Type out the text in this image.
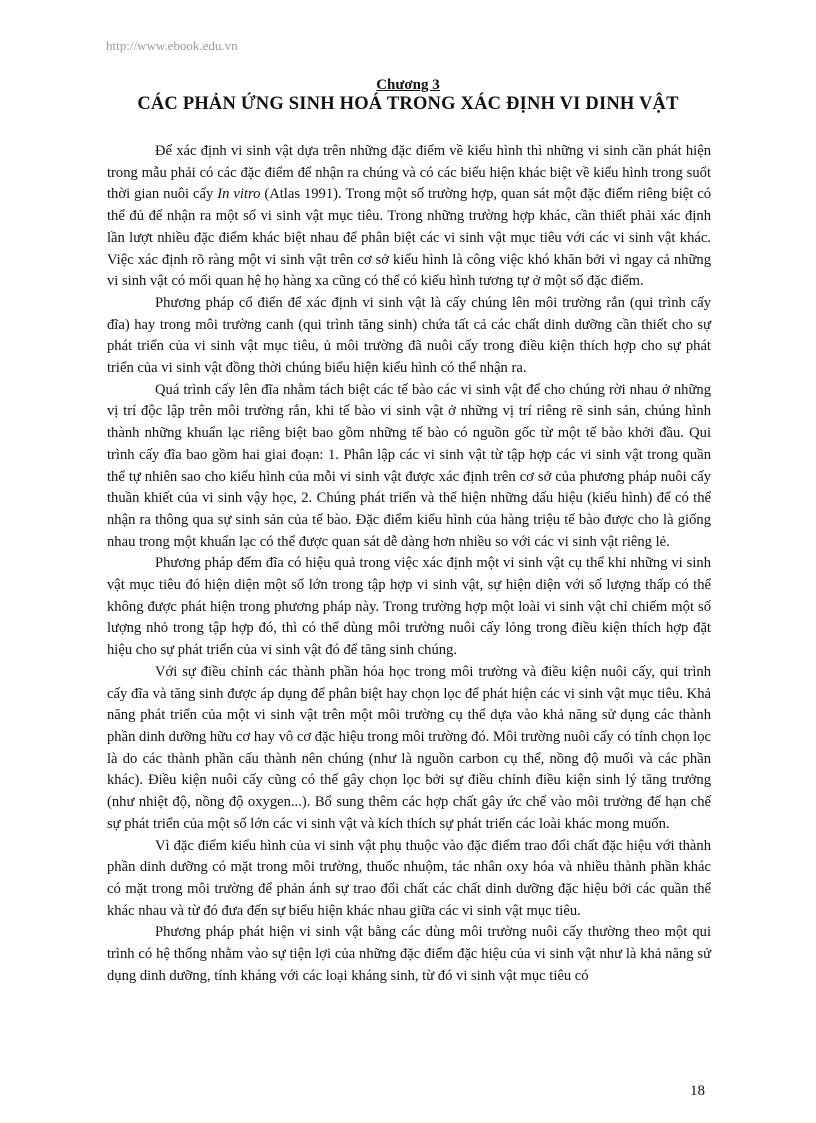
http://www.ebook.edu.vn
Chương 3
CÁC PHẢN ỨNG SINH HOÁ TRONG XÁC ĐỊNH VI DINH VẬT

Để xác định vi sinh vật dựa trên những đặc điểm về kiểu hình thì những vi sinh cần phát hiện trong mẫu phải có các đặc điểm để nhận ra chúng và có các biểu hiện khác biệt về kiểu hình trong suốt thời gian nuôi cấy In vitro (Atlas 1991). Trong một số trường hợp, quan sát một đặc điểm riêng biệt có thể đủ để nhận ra một số vi sinh vật mục tiêu. Trong những trường hợp khác, cần thiết phải xác định lần lượt nhiều đặc điểm khác biệt nhau để phân biệt các vi sinh vật mục tiêu với các vi sinh vật khác. Việc xác định rõ ràng một vi sinh vật trên cơ sở kiểu hình là công việc khó khăn bởi vì ngay cả những vi sinh vật có mối quan hệ họ hàng xa cũng có thể có kiểu hình tương tự ở một số đặc điểm.

Phương pháp cổ điển để xác định vi sinh vật là cấy chúng lên môi trường rắn (qui trình cấy đĩa) hay trong môi trường canh (qui trình tăng sinh) chứa tất cả các chất dinh dưỡng cần thiết cho sự phát triển của vi sinh vật mục tiêu, ủ môi trường đã nuôi cấy trong điều kiện thích hợp cho sự phát triển của vi sinh vật đồng thời chúng biểu hiện kiểu hình có thể nhận ra.

Quá trình cấy lên đĩa nhằm tách biệt các tế bào các vi sinh vật để cho chúng rời nhau ở những vị trí độc lập trên môi trường rắn, khi tế bào vi sinh vật ở những vị trí riêng rẽ sinh sản, chúng hình thành những khuẩn lạc riêng biệt bao gồm những tế bào có nguồn gốc từ một tế bào khởi đầu. Qui trình cấy đĩa bao gồm hai giai đoạn: 1. Phân lập các vi sinh vật từ tập hợp các vi sinh vật trong quần thể tự nhiên sao cho kiểu hình của mỗi vi sinh vật được xác định trên cơ sở của phương pháp nuôi cấy thuần khiết của vi sinh vậy học, 2. Chúng phát triển và thể hiện những dấu hiệu (kiểu hình) để có thể nhận ra thông qua sự sinh sản của tế bào. Đặc điểm kiểu hình của hàng triệu tế bào được cho là giống nhau trong một khuẩn lạc có thể được quan sát dễ dàng hơn nhiều so với các vi sinh vật riêng lẻ.

Phương pháp đếm đĩa có hiệu quả trong việc xác định một vi sinh vật cụ thể khi những vi sinh vật mục tiêu đó hiện diện một số lớn trong tập hợp vi sinh vật, sự hiện diện với số lượng thấp có thể không được phát hiện trong phương pháp này. Trong trường hợp một loài vi sinh vật chỉ chiếm một số lượng nhỏ trong tập hợp đó, thì có thể dùng môi trường nuôi cấy lỏng trong điều kiện thích hợp đặt hiệu cho sự phát triển của vi sinh vật đó để tăng sinh chúng.

Với sự điều chỉnh các thành phần hóa học trong môi trường và điều kiện nuôi cấy, qui trình cấy đĩa và tăng sinh được áp dụng để phân biệt hay chọn lọc để phát hiện các vi sinh vật mục tiêu. Khả năng phát triển của một vi sinh vật trên một môi trường cụ thể dựa vào khả năng sử dụng các thành phần dinh dưỡng hữu cơ hay vô cơ đặc hiệu trong môi trường đó. Môi trường nuôi cấy có tính chọn lọc là do các thành phần cấu thành nên chúng (như là nguồn carbon cụ thể, nồng độ muối và các phần khác). Điều kiện nuôi cấy cũng có thể gây chọn lọc bởi sự điều chỉnh điều kiện sinh lý tăng trưởng (như nhiệt độ, nồng độ oxygen...). Bổ sung thêm các hợp chất gây ức chế vào môi trường để hạn chế sự phát triển của một số lớn các vi sinh vật và kích thích sự phát triển các loài khác mong muốn.

Vì đặc điểm kiểu hình của vi sinh vật phụ thuộc vào đặc điểm trao đổi chất đặc hiệu với thành phần dinh dưỡng có mặt trong môi trường, thuốc nhuộm, tác nhân oxy hóa và nhiều thành phần khác có mặt trong môi trường để phản ánh sự trao đổi chất các chất dinh dưỡng đặc hiệu bởi các quần thể khác nhau và từ đó đưa đến sự biểu hiện khác nhau giữa các vi sinh vật mục tiêu.

Phương pháp phát hiện vi sinh vật bằng các dùng môi trường nuôi cấy thường theo một qui trình có hệ thống nhằm vào sự tiện lợi của những đặc điểm đặc hiệu của vi sinh vật như là khả năng sử dụng dinh dưỡng, tính kháng với các loại kháng sinh, từ đó vi sinh vật mục tiêu có

18
